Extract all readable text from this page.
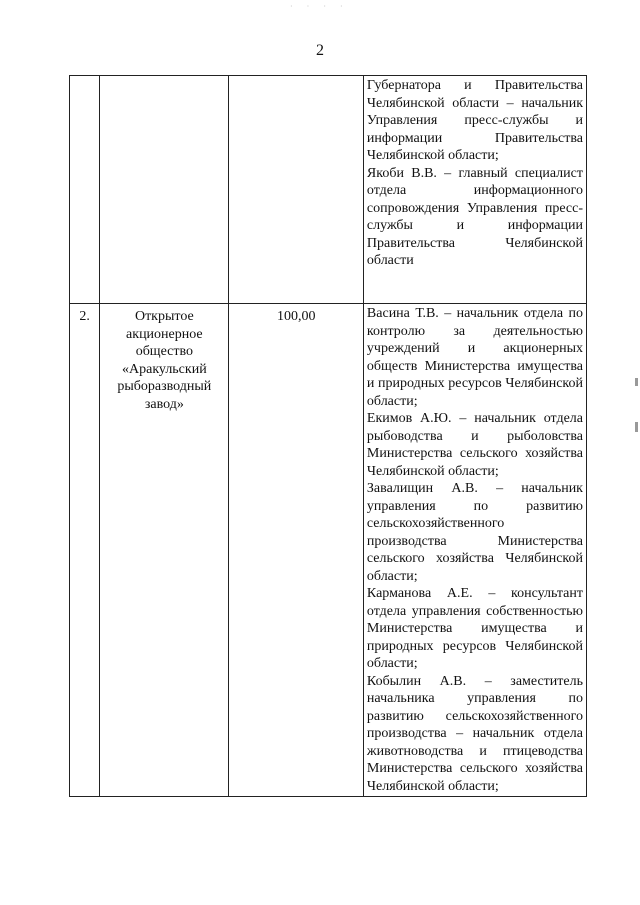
· · · ·
2

			Губернатора и Правительства Челябинской области – начальник Управления пресс-службы и информации Правительства Челябинской области;

Якоби В.В. – главный специалист отдела информационного сопровождения Управления пресс-службы и информации Правительства Челябинской области

2.	Открытое акционерное общество «Аракульский рыборазводный завод»	100,00	Васина Т.В. – начальник отдела по контролю за деятельностью учреждений и акционерных обществ Министерства имущества и природных ресурсов Челябинской области;

Екимов А.Ю. – начальник отдела рыбоводства и рыболовства Министерства сельского хозяйства Челябинской области;

Завалищин А.В. – начальник управления по развитию сельскохозяйственного производства Министерства сельского хозяйства Челябинской области;

Карманова А.Е. – консультант отдела управления собственностью Министерства имущества и природных ресурсов Челябинской области;

Кобылин А.В. – заместитель начальника управления по развитию сельскохозяйственного производства – начальник отдела животноводства и птицеводства Министерства сельского хозяйства Челябинской области;
